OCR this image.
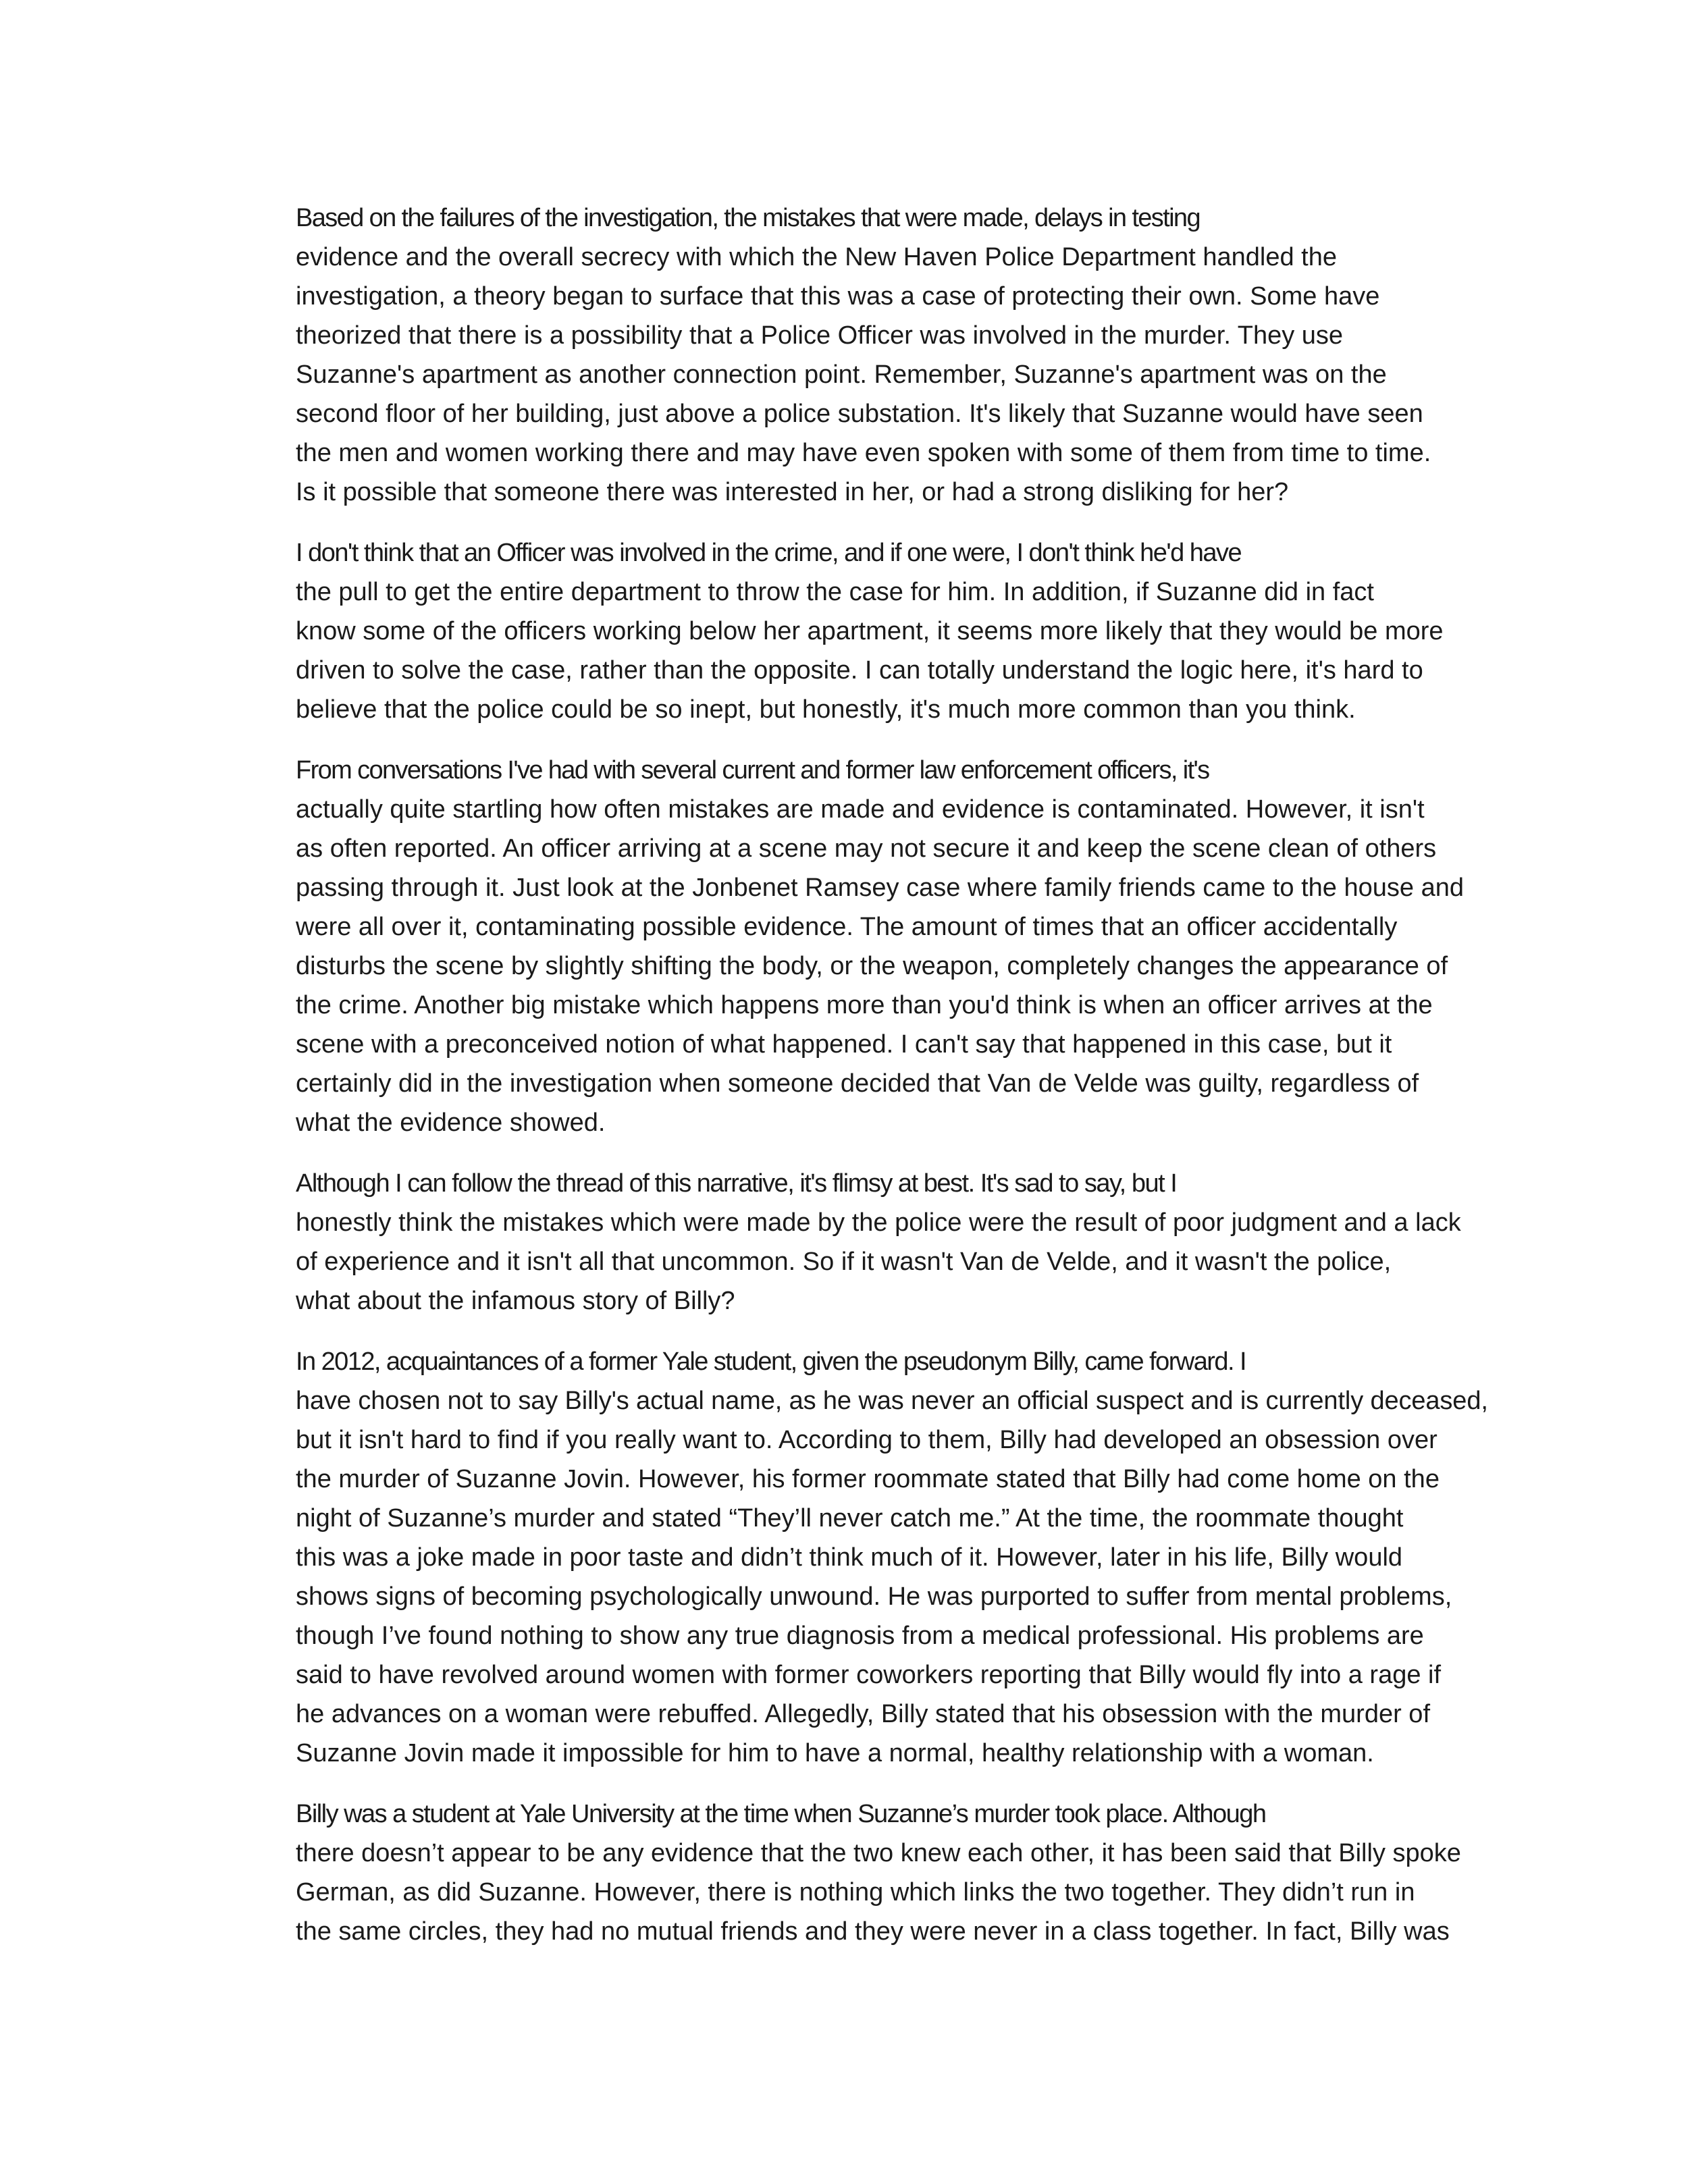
Based on the failures of the investigation, the mistakes that were made, delays in testing
evidence and the overall secrecy with which the New Haven Police Department handled the
investigation, a theory began to surface that this was a case of protecting their own. Some have
theorized that there is a possibility that a Police Officer was involved in the murder. They use
Suzanne's apartment as another connection point. Remember, Suzanne's apartment was on the
second floor of her building, just above a police substation. It's likely that Suzanne would have seen
the men and women working there and may have even spoken with some of them from time to time.
Is it possible that someone there was interested in her, or had a strong disliking for her?

I don't think that an Officer was involved in the crime, and if one were, I don't think he'd have
the pull to get the entire department to throw the case for him. In addition, if Suzanne did in fact
know some of the officers working below her apartment, it seems more likely that they would be more
driven to solve the case, rather than the opposite. I can totally understand the logic here, it's hard to
believe that the police could be so inept, but honestly, it's much more common than you think.

From conversations I've had with several current and former law enforcement officers, it's
actually quite startling how often mistakes are made and evidence is contaminated. However, it isn't
as often reported. An officer arriving at a scene may not secure it and keep the scene clean of others
passing through it. Just look at the Jonbenet Ramsey case where family friends came to the house and
were all over it, contaminating possible evidence. The amount of times that an officer accidentally
disturbs the scene by slightly shifting the body, or the weapon, completely changes the appearance of
the crime. Another big mistake which happens more than you'd think is when an officer arrives at the
scene with a preconceived notion of what happened. I can't say that happened in this case, but it
certainly did in the investigation when someone decided that Van de Velde was guilty, regardless of
what the evidence showed.

Although I can follow the thread of this narrative, it's flimsy at best. It's sad to say, but I
honestly think the mistakes which were made by the police were the result of poor judgment and a lack
of experience and it isn't all that uncommon. So if it wasn't Van de Velde, and it wasn't the police,
what about the infamous story of Billy?

In 2012, acquaintances of a former Yale student, given the pseudonym Billy, came forward. I
have chosen not to say Billy's actual name, as he was never an official suspect and is currently deceased,
but it isn't hard to find if you really want to. According to them, Billy had developed an obsession over
the murder of Suzanne Jovin. However, his former roommate stated that Billy had come home on the
night of Suzanne’s murder and stated “They’ll never catch me.” At the time, the roommate thought
this was a joke made in poor taste and didn’t think much of it. However, later in his life, Billy would
shows signs of becoming psychologically unwound. He was purported to suffer from mental problems,
though I’ve found nothing to show any true diagnosis from a medical professional. His problems are
said to have revolved around women with former coworkers reporting that Billy would fly into a rage if
he advances on a woman were rebuffed. Allegedly, Billy stated that his obsession with the murder of
Suzanne Jovin made it impossible for him to have a normal, healthy relationship with a woman.

Billy was a student at Yale University at the time when Suzanne’s murder took place. Although
there doesn’t appear to be any evidence that the two knew each other, it has been said that Billy spoke
German, as did Suzanne. However, there is nothing which links the two together. They didn’t run in
the same circles, they had no mutual friends and they were never in a class together. In fact, Billy was
